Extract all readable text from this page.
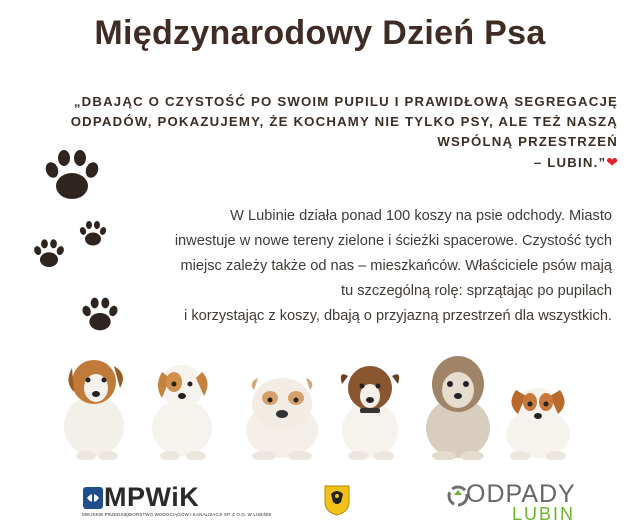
Międzynarodowy Dzień Psa
„DBAJĄC O CZYSTOŚĆ PO SWOIM PUPILU I PRAWIDŁOWĄ SEGREGACJĘ
ODPADÓW, POKAZUJEMY, ŻE KOCHAMY NIE TYLKO PSY, ALE TEŻ NASZĄ
WSPÓLNĄ PRZESTRZEŃ
– LUBIN.”❤
W Lubinie działa ponad 100 koszy na psie odchody. Miasto
inwestuje w nowe tereny zielone i ścieżki spacerowe. Czystość tych
miejsc zależy także od nas – mieszkańców. Właściciele psów mają
tu szczególną rolę: sprzątając po pupilach
i korzystając z koszy, dbają o przyjazną przestrzeń dla wszystkich.
MPWiK
MIEJSKIE PRZEDSIĘBIORSTWO WODOCIĄGÓW I KANALIZACJI SP. Z O.O. W LUBINIE
ODPADY
LUBIN
